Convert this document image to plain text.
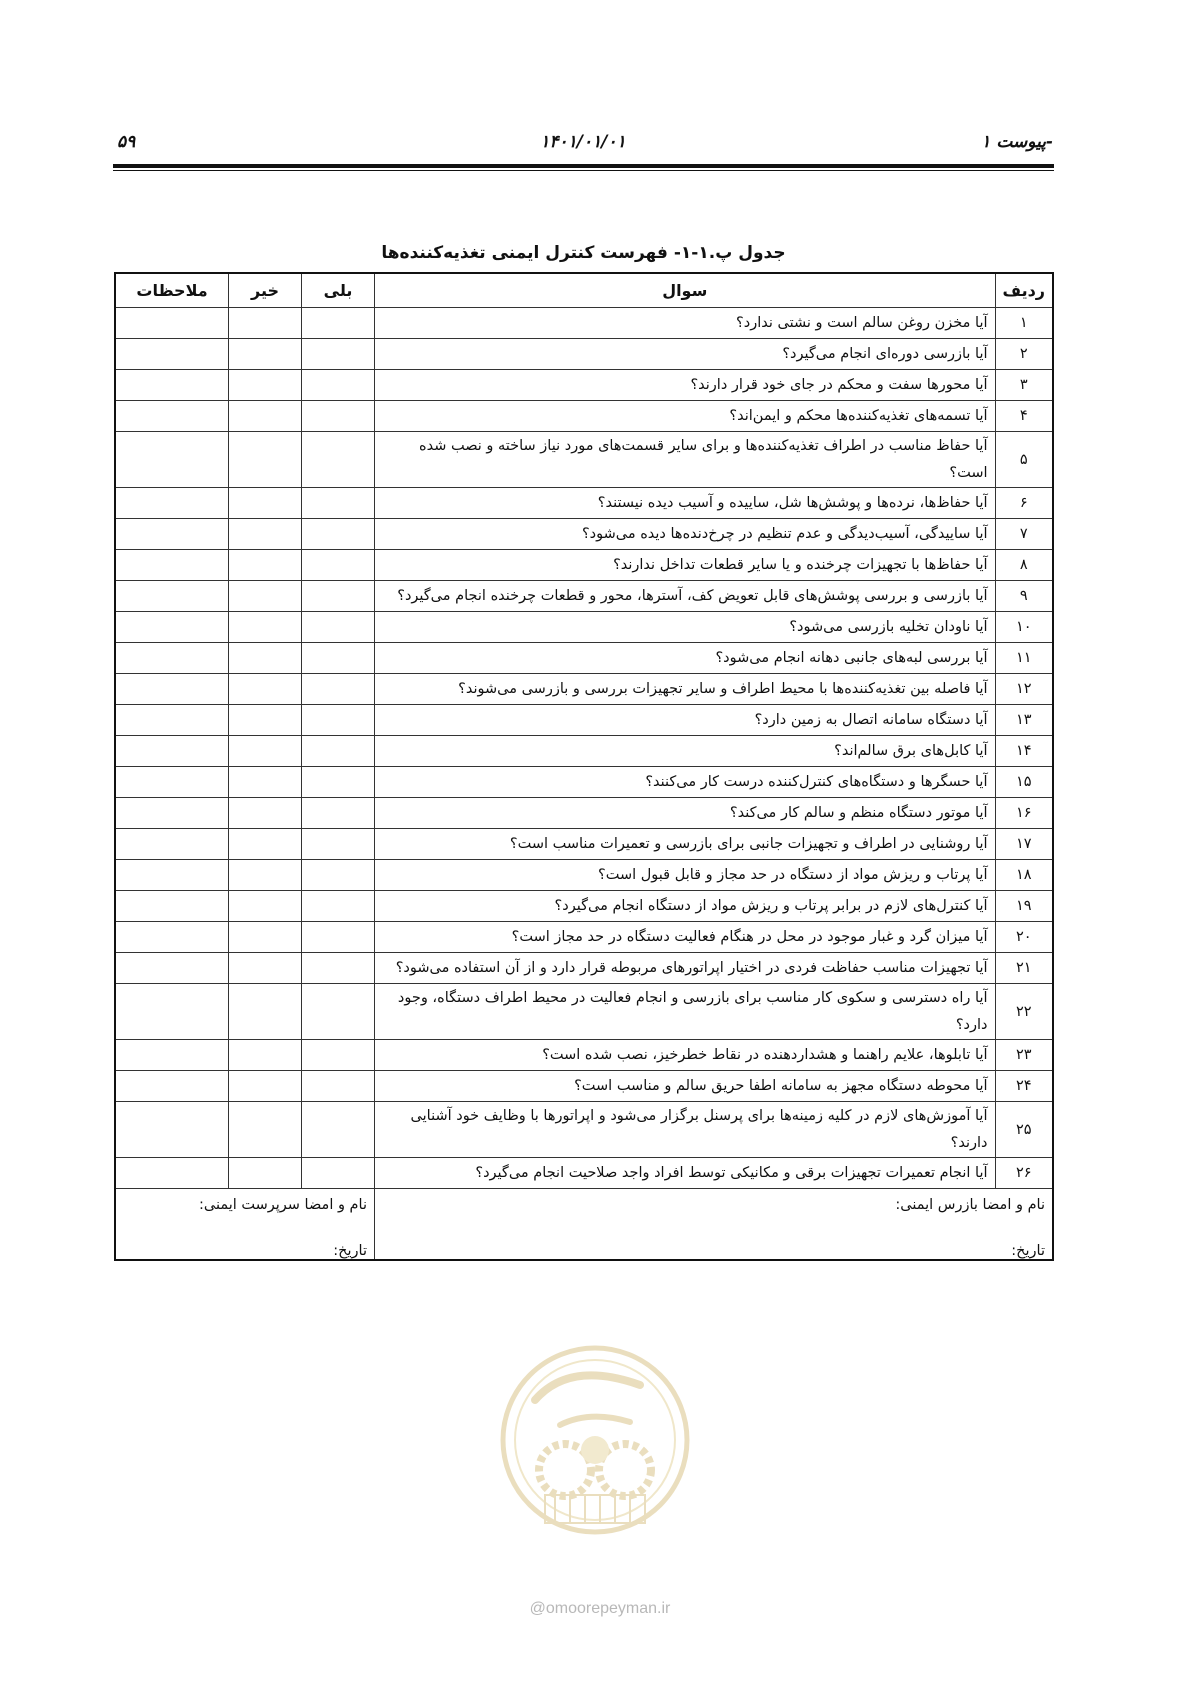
پیوست ۱-
۱۴۰۱/۰۱/۰۱
۵۹
جدول پ.۱-۱- فهرست کنترل ایمنی تغذیه‌کننده‌ها
ردیف	سوال	بلی	خیر	ملاحظات
۱	آیا مخزن روغن سالم است و نشتی ندارد؟			
۲	آیا بازرسی دوره‌ای انجام می‌گیرد؟			
۳	آیا محورها سفت و محکم در جای خود قرار دارند؟			
۴	آیا تسمه‌های تغذیه‌کننده‌ها محکم و ایمن‌اند؟			
۵	آیا حفاظ مناسب در اطراف تغذیه‌کننده‌ها و برای سایر قسمت‌های مورد نیاز ساخته و نصب شده است؟			
۶	آیا حفاظ‌ها، نرده‌ها و پوشش‌ها شل، ساییده و آسیب دیده نیستند؟			
۷	آیا ساییدگی، آسیب‌دیدگی و عدم تنظیم در چرخ‌دنده‌ها دیده می‌شود؟			
۸	آیا حفاظ‌ها با تجهیزات چرخنده و یا سایر قطعات تداخل ندارند؟			
۹	آیا بازرسی و بررسی پوشش‌های قابل تعویض کف، آسترها، محور و قطعات چرخنده انجام می‌گیرد؟			
۱۰	آیا ناودان تخلیه بازرسی می‌شود؟			
۱۱	آیا بررسی لبه‌های جانبی دهانه انجام می‌شود؟			
۱۲	آیا فاصله بین تغذیه‌کننده‌ها با محیط اطراف و سایر تجهیزات بررسی و بازرسی می‌شوند؟			
۱۳	آیا دستگاه سامانه اتصال به زمین دارد؟			
۱۴	آیا کابل‌های برق سالم‌اند؟			
۱۵	آیا حسگرها و دستگاه‌های کنترل‌کننده درست کار می‌کنند؟			
۱۶	آیا موتور دستگاه منظم و سالم کار می‌کند؟			
۱۷	آیا روشنایی در اطراف و تجهیزات جانبی برای بازرسی و تعمیرات مناسب است؟			
۱۸	آیا پرتاب و ریزش مواد از دستگاه در حد مجاز و قابل قبول است؟			
۱۹	آیا کنترل‌های لازم در برابر پرتاب و ریزش مواد از دستگاه انجام می‌گیرد؟			
۲۰	آیا میزان گرد و غبار موجود در محل در هنگام فعالیت دستگاه در حد مجاز است؟			
۲۱	آیا تجهیزات مناسب حفاظت فردی در اختیار اپراتورهای مربوطه قرار دارد و از آن استفاده می‌شود؟			
۲۲	آیا راه دسترسی و سکوی کار مناسب برای بازرسی و انجام فعالیت در محیط اطراف دستگاه، وجود دارد؟			
۲۳	آیا تابلوها، علایم راهنما و هشداردهنده در نقاط خطرخیز، نصب شده است؟			
۲۴	آیا محوطه دستگاه مجهز به سامانه اطفا حریق سالم و مناسب است؟			
۲۵	آیا آموزش‌های لازم در کلیه زمینه‌ها برای پرسنل برگزار می‌شود و اپراتورها با وظایف خود آشنایی دارند؟			
۲۶	آیا انجام تعمیرات تجهیزات برقی و مکانیکی توسط افراد واجد صلاحیت انجام می‌گیرد؟			

نام و امضا بازرس ایمنی:
تاریخ:		نام و امضا سرپرست ایمنی:
تاریخ:		
@omoorepeyman.ir
